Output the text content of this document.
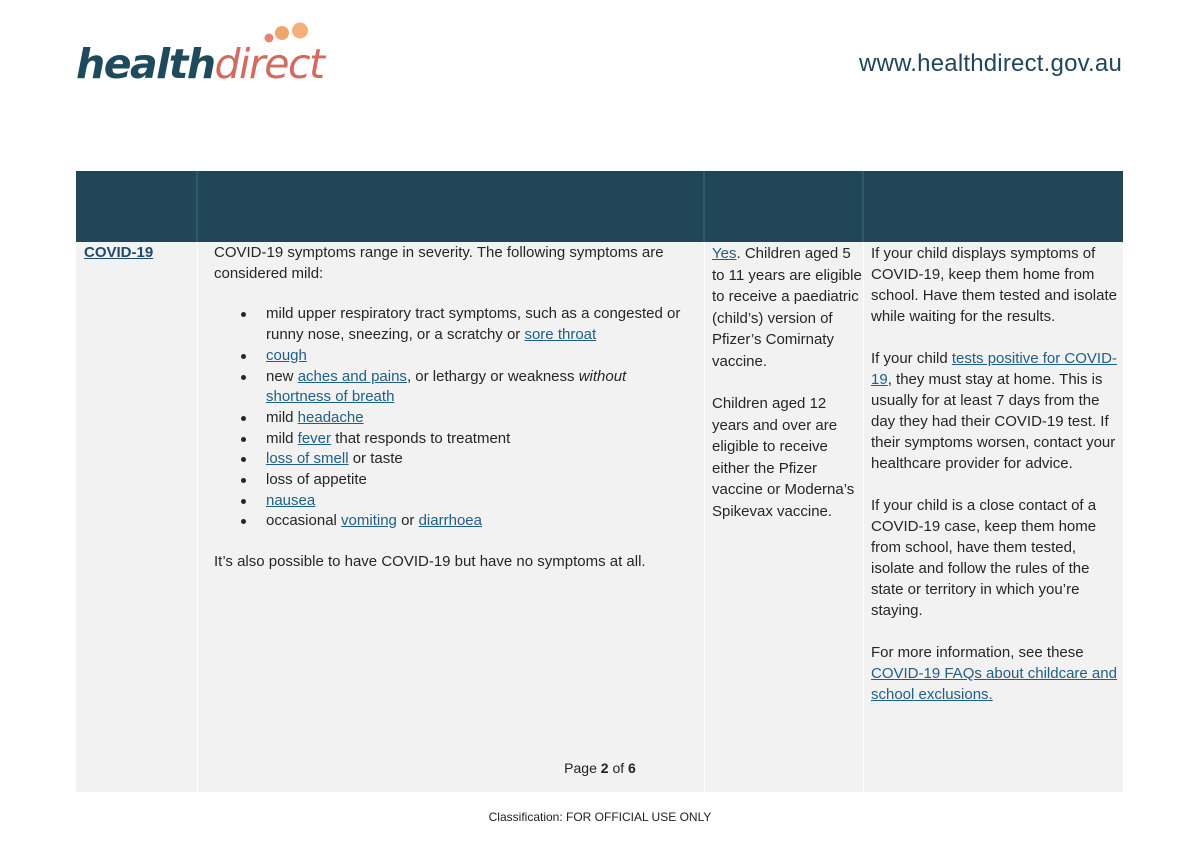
healthdirect	www.healthdirect.gov.au
COVID-19	COVID-19 symptoms range in severity. The following symptoms are considered mild:

mild upper respiratory tract symptoms, such as a congested or runny nose, sneezing, or a scratchy or sore throat
cough
new aches and pains, or lethargy or weakness without shortness of breath
mild headache
mild fever that responds to treatment
loss of smell or taste
loss of appetite
nausea
occasional vomiting or diarrhoea

It’s also possible to have COVID-19 but have no symptoms at all.

Yes. Children aged 5 to 11 years are eligible to receive a paediatric (child’s) version of Pfizer’s Comirnaty vaccine.

Children aged 12 years and over are eligible to receive either the Pfizer vaccine or Moderna’s Spikevax vaccine.

If your child displays symptoms of COVID-19, keep them home from school. Have them tested and isolate while waiting for the results.

If your child tests positive for COVID-19, they must stay at home. This is usually for at least 7 days from the day they had their COVID-19 test. If their symptoms worsen, contact your healthcare provider for advice.

If your child is a close contact of a COVID-19 case, keep them home from school, have them tested, isolate and follow the rules of the state or territory in which you’re staying.

For more information, see these COVID-19 FAQs about childcare and school exclusions.

Page 2 of 6
Classification: FOR OFFICIAL USE ONLY
